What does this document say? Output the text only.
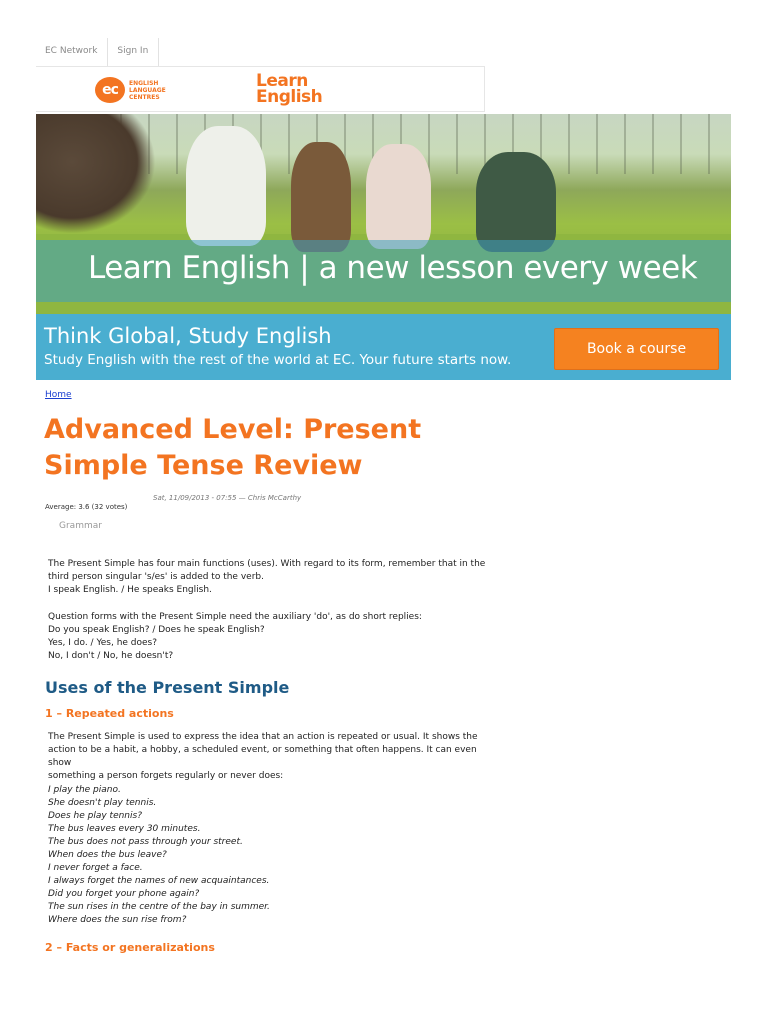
EC Network	Sign In
ec	ENGLISH
LANGUAGE
CENTRES
Learn
English
Learn English | a new lesson every week
Think Global, Study English
Study English with the rest of the world at EC. Your future starts now.
Book a course
Home
Advanced Level: Present Simple Tense Review
Sat, 11/09/2013 - 07:55 — Chris McCarthy
Average: 3.6 (32 votes)
Grammar

The Present Simple has four main functions (uses). With regard to its form, remember that in the

third person singular 's/es' is added to the verb.

I speak English. / He speaks English.

Question forms with the Present Simple need the auxiliary 'do', as do short replies:

Do you speak English? / Does he speak English?

Yes, I do. / Yes, he does?

No, I don't / No, he doesn't?

Uses of the Present Simple
1 – Repeated actions

The Present Simple is used to express the idea that an action is repeated or usual. It shows the

action to be a habit, a hobby, a scheduled event, or something that often happens. It can even show

something a person forgets regularly or never does:

I play the piano.
She doesn't play tennis.
Does he play tennis?
The bus leaves every 30 minutes.
The bus does not pass through your street.
When does the bus leave?
I never forget a face.
I always forget the names of new acquaintances.
Did you forget your phone again?
The sun rises in the centre of the bay in summer.
Where does the sun rise from?
2 – Facts or generalizations
